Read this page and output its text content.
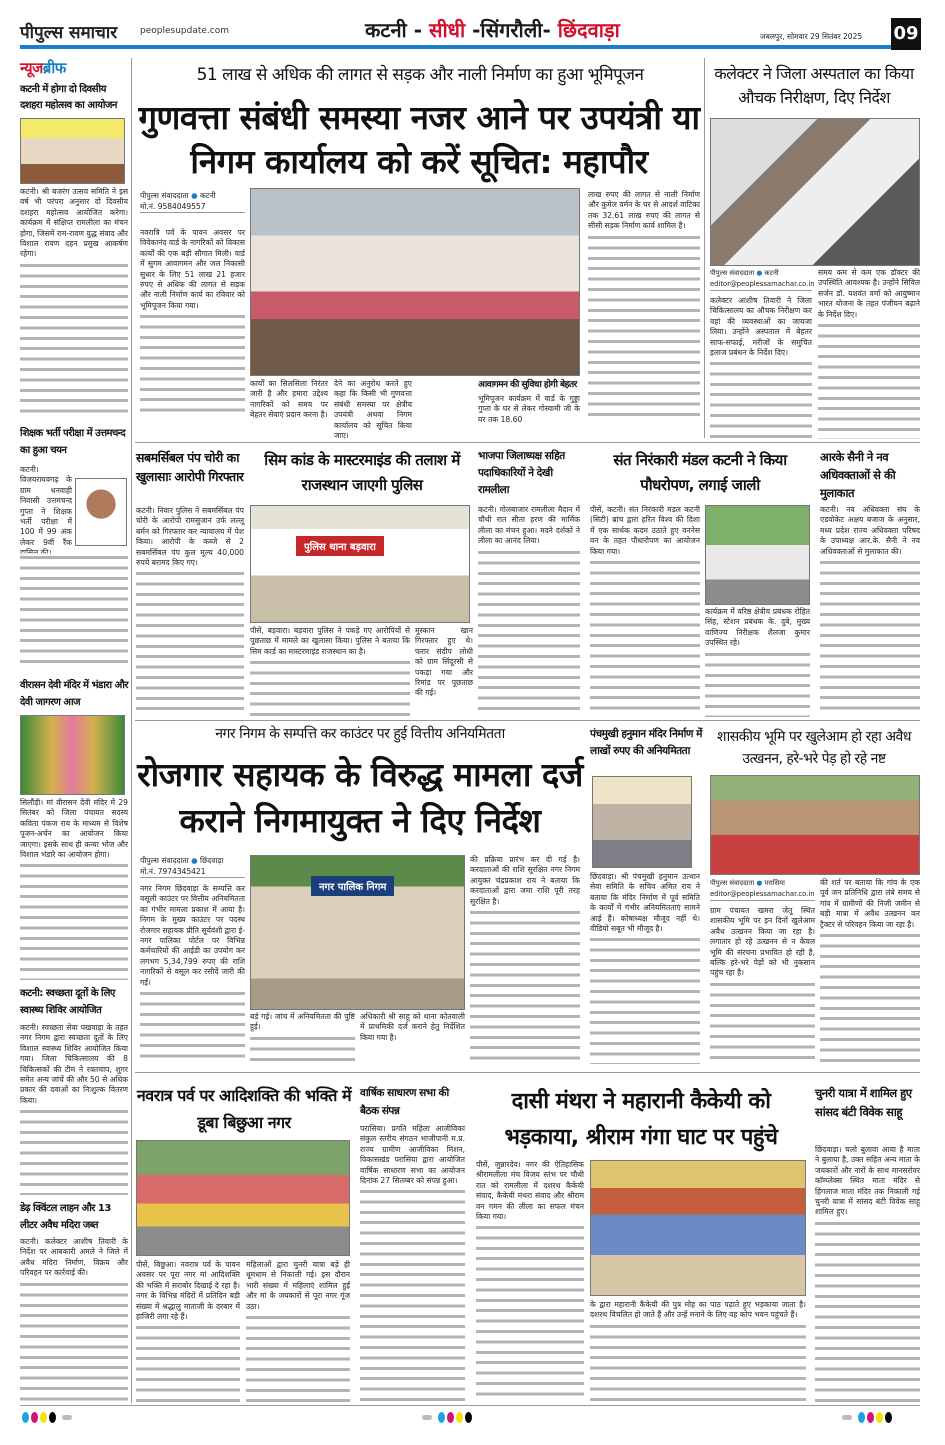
पीपुल्स समाचार	peoplesupdate.com	कटनी - सीधी -सिंगरौली- छिंदवाड़ा	जबलपुर, सोमवार 29 सितंबर 2025 09
न्यूजब्रीफ
कटनी में होगा दो दिवसीय दशहरा महोत्सव का आयोजन

कटनी। श्री बजरंग उत्सव समिति ने इस वर्ष भी परंपरा अनुसार दो दिवसीय दशहरा महोत्सव आयोजित करेगा। कार्यक्रम में संक्षिप्त रामलीला का मंचन होगा, जिसमें राम-रावण युद्ध संवाद और विशाल रावण दहन प्रमुख आकर्षण रहेगा।

शिक्षक भर्ती परीक्षा में उत्तमचन्द का हुआ चयन

कटनी। विजयराघवगढ़ के ग्राम धनवाही निवासी उत्तमचन्द गुप्ता ने शिक्षक भर्ती परीक्षा में 100 में 99 अंक लेकर 9वीं रैंक

वीरासन देवी मंदिर में भंडारा और देवी जागरण आज

सिलौंड़ी। मां वीरासन देवी मंदिर में 29 सितंबर को जिला पंचायत सदस्य कविता पंकज राय के माध्यम से विशेष पूजन-अर्चन का आयोजन किया जाएगा। इसके साथ ही कन्या भोज और विशाल भंडारे का आयोजन होगा।

कटनी: स्वच्छता दूतों के लिए स्वास्थ्य शिविर आयोजित

कटनी। स्वच्छता सेवा पखवाड़ा के तहत नगर निगम द्वारा स्वच्छता दूतों के लिए विशाल स्वास्थ्य शिविर आयोजित किया गया। जिला चिकित्सालय की 8 चिकित्सकों की टीम ने रक्तचाप, शुगर समेत अन्य जांचें की और 50 से अधिक प्रकार की दवाओं का निःशुल्क वितरण किया।

डेढ़ क्विंटल लाहन और 13 लीटर अवैध मदिरा जब्त

कटनी। कलेक्टर आशीष तिवारी के निर्देश पर आबकारी अमले ने जिले में अवैध मदिरा निर्माण, विक्रय और परिवहन पर कार्रवाई की।

51 लाख से अधिक की लागत से सड़क और नाली निर्माण का हुआ भूमिपूजन
गुणवत्ता संबंधी समस्या नजर आने पर उपयंत्री या निगम कार्यालय को करें सूचित: महापौर
पीपुल्स संवाददाता ● कटनी
मो.नं. 9584049557

नवरात्रि पर्व के पावन अवसर पर विवेकानंद वार्ड के नागरिकों को विकास कार्यों की एक बड़ी सौगात मिली। वार्ड में सुगम आवागमन और जल निकासी सुधार के लिए 51 लाख 21 हजार रुपए से अधिक की लागत से सड़क और नाली निर्माण कार्य का रविवार को भूमिपूजन किया गया।

कार्यों का सिलसिला निरंतर जारी है और हमारा उद्देश्य नागरिकों को समय पर बेहतर सेवाएं प्रदान करना है।

देने का अनुरोध करते हुए कहा कि किसी भी गुणवत्ता संबंधी समस्या पर क्षेत्रीय उपयंत्री अथवा निगम कार्यालय को सूचित किया जाए।

आवागमन की सुविधा होगी बेहतर

भूमिपूजन कार्यक्रम में वार्ड के गुड्डा गुप्ता के घर से लेकर गोस्वामी जी के घर तक 18.60

लाख रुपए की लागत से नाली निर्माण और कुमेल वर्मन के घर से आदर्श वाटिका तक 32.61 लाख रुपए की लागत से सीसी सड़क निर्माण कार्य शामिल है।

कलेक्टर ने जिला अस्पताल का किया औचक निरीक्षण, दिए निर्देश
पीपुल्स संवाददाता ● कटनी
editor@peoplessamachar.co.in

कलेक्टर आशीष तिवारी ने जिला चिकित्सालय का औचक निरीक्षण कर वहां की व्यवस्थाओं का जायजा लिया। उन्होंने अस्पताल में बेहतर साफ-सफाई, मरीजों के समुचित इलाज प्रबंधन के निर्देश दिए।

समय कम से कम एक डॉक्टर की उपस्थिति आवश्यक है। उन्होंने सिविल सर्जन डॉ. यशवंत वर्मा को आयुष्मान भारत योजना के तहत पंजीयन बढ़ाने के निर्देश दिए।

सबमर्सिबल पंप चोरी का खुलासाः आरोपी गिरफ्तार

कटनी। निवार पुलिस ने सबमर्सिबल पंप चोरी के आरोपी रामसुजान उर्फ लल्लू बर्मन को गिरफ्तार कर न्यायालय में पेश किया। आरोपी के कब्जे से 2 सबमर्सिबल पंप कुल मूल्य 40,000 रुपये बरामद किए गए।

सिम कांड के मास्टरमाइंड की तलाश में राजस्थान जाएगी पुलिस
पुलिस थाना बड़वारा

पीसें, बड़वारा। बड़वारा पुलिस ने पकड़े गए आरोपियों से पूछताछ में मामले का खुलासा किया। पुलिस ने बताया कि सिम कार्ड का मास्टरमाइंड राजस्थान का है।

मुस्कान खान गिरफ्तार हुए थे। फरार संदीप लोधी को ग्राम सिंदूरसी से पकड़ा गया और रिमांड पर पूछताछ की गई।

भाजपा जिलाध्यक्ष सहित पदाधिकारियों ने देखी रामलीला

कटनी। गोलबाजार रामलीला मैदान में चौथी रात सीता हरण की मार्मिक लीला का मंचन हुआ। मदने दर्शकों ने लीला का आनंद लिया।

संत निरंकारी मंडल कटनी ने किया पौधरोपण, लगाई जाली

पीसें, कटनी। संत निरंकारी मंडल कटनी (सिटी) ब्रांच द्वारा हरित विश्व की दिशा में एक सार्थक कदम उठाते हुए वननेस वन के तहत पौधारोपण का आयोजन किया गया।

कार्यक्रम में वरिष्ठ क्षेत्रीय प्रबंधक रोहित सिंह, स्टेशन प्रबंधक के. दुबे, मुख्य वाणिज्य निरीक्षक शैलजा कुमार उपस्थित रहे।

आरके सैनी ने नव अधिवक्ताओं से की मुलाकात

कटनी। नव अधिवक्ता संघ के एडवोकेट अक्षय बजाज के अनुसार, मध्य प्रदेश राज्य अधिवक्ता परिषद के उपाध्यक्ष आर.के. सैनी ने नव अधिवक्ताओं से मुलाकात की।

नगर निगम के सम्पत्ति कर काउंटर पर हुई वित्तीय अनियमितता
रोजगार सहायक के विरुद्ध मामला दर्ज कराने निगमायुक्त ने दिए निर्देश
पीपुल्स संवाददाता ● छिंदवाड़ा
मो.नं. 7974345421

नगर निगम छिंदवाड़ा के सम्पत्ति कर वसूली काउंटर पर वित्तीय अनियमितता का गंभीर मामला प्रकाश में आया है। निगम के मुख्य काउंटर पर पदस्थ रोजगार सहायक प्रीति सूर्यवंशी द्वारा ई-नगर पालिका पोर्टल पर विभिन्न कर्मचारियों की आईडी का उपयोग कर लगभग 5,34,799 रुपए की राशि नागरिकों से वसूल कर रसीदें जारी की गईं।

नगर पालिक निगम

की प्रक्रिया प्रारंभ कर दी गई है। करदाताओं की राशि सुरक्षित नगर निगम आयुक्त चंद्रप्रकाश राय ने बताया कि करदाताओं द्वारा जमा राशि पूरी तरह सुरक्षित है।

अधिकारी श्री साहू को थाना कोतवाली में प्राथमिकी दर्ज कराने हेतु निर्देशित किया गया है।

बर्ड गई। जांच में अनियमितता की पुष्टि हुई।

पंचमुखी हनुमान मंदिर निर्माण में लाखों रुपए की अनियमितता

छिंदवाड़ा। श्री पंचमुखी हनुमान उत्थान सेवा समिति के सचिव अमित राय ने बताया कि मंदिर निर्माण में पूर्व समिति के कार्यों में गंभीर अनियमितताएं सामने आई हैं। कोषाध्यक्ष मौजूद नहीं थे। वीडियो सबूत भी मौजूद है।

शासकीय भूमि पर खुलेआम हो रहा अवैध उत्खनन, हरे-भरे पेड़ हो रहे नष्ट
पीपुल्स संवाददाता ● परासिया
editor@peoplessamachar.co.in

ग्राम पंचायत खमरा जेतू स्थित शासकीय भूमि पर इन दिनों खुलेआम अवैध उत्खनन किया जा रहा है। लगातार हो रहे उत्खनन से न केवल भूमि की संरचना प्रभावित हो रही है, बल्कि हरे-भरे पेड़ों को भी नुकसान पहुंच रहा है।

की शर्त पर बताया कि गांव के एक पूर्व जन प्रतिनिधि द्वारा लंबे समय से गांव में ग्रामीणों की निजी जमीन से बड़ी मात्रा में अवैध उत्खनन कर ट्रैक्टर से परिवहन किया जा रहा है।

नवरात्र पर्व पर आदिशक्ति की भक्ति में डूबा बिछुआ नगर

पीसें, बिछुआ। नवरात्र पर्व के पावन अवसर पर पूरा नगर मां आदिशक्ति की भक्ति में सराबोर दिखाई दे रहा है। नगर के विभिन्न मंदिरों में प्रतिदिन बड़ी संख्या में श्रद्धालु माताजी के दरबार में हाजिरी लगा रहे हैं।

महिलाओं द्वारा चुनरी यात्रा बड़े ही धूमधाम से निकाली गई। इस दौरान भारी संख्या में महिलाएं शामिल हुईं और मां के जयकारों से पूरा नगर गूंज उठा।

वार्षिक साधारण सभा की बैठक संपन्न

परासिया। प्रगति महिला आजीविका संकुल स्तरीय संगठन भाजीपानी म.प्र. राज्य ग्रामीण आजीविका मिशन, विकासखंड परासिया द्वारा आयोजित वार्षिक साधारण सभा का आयोजन दिनांक 27 सितम्बर को संपन्न हुआ।

दासी मंथरा ने महारानी कैकेयी को भड़काया, श्रीराम गंगा घाट पर पहुंचे

पीसें, जुन्नारदेव। नगर की ऐतिहासिक श्रीरामलीला मंच विजय स्तंभ पर चौथी रात को रामलीला में दशरथ कैकेयी संवाद, कैकेयी मंथरा संवाद और श्रीराम वन गमन की लीला का सफल मंचन किया गया।

के द्वारा महारानी कैकेयी की पुत्र मोह का पाठ पढ़ाते हुए भड़काया जाता है। दशरथ विचलित हो जाते हैं और उन्हें मनाने के लिए वह कोप भवन पहुंचते हैं।

चुनरी यात्रा में शामिल हुए सांसद बंटी विवेक साहू

छिंदवाड़ा। चलो बुलावा आया है माता ने बुलाया है, उक्त सहित अन्य माता के जयकारों और नारों के साथ मानसरोवर कॉम्प्लेक्स स्थित माता मंदिर से हिंगलाज माता मंदिर तक निकाली गई चुनरी यात्रा में सांसद बंटी विवेक साहू शामिल हुए।
